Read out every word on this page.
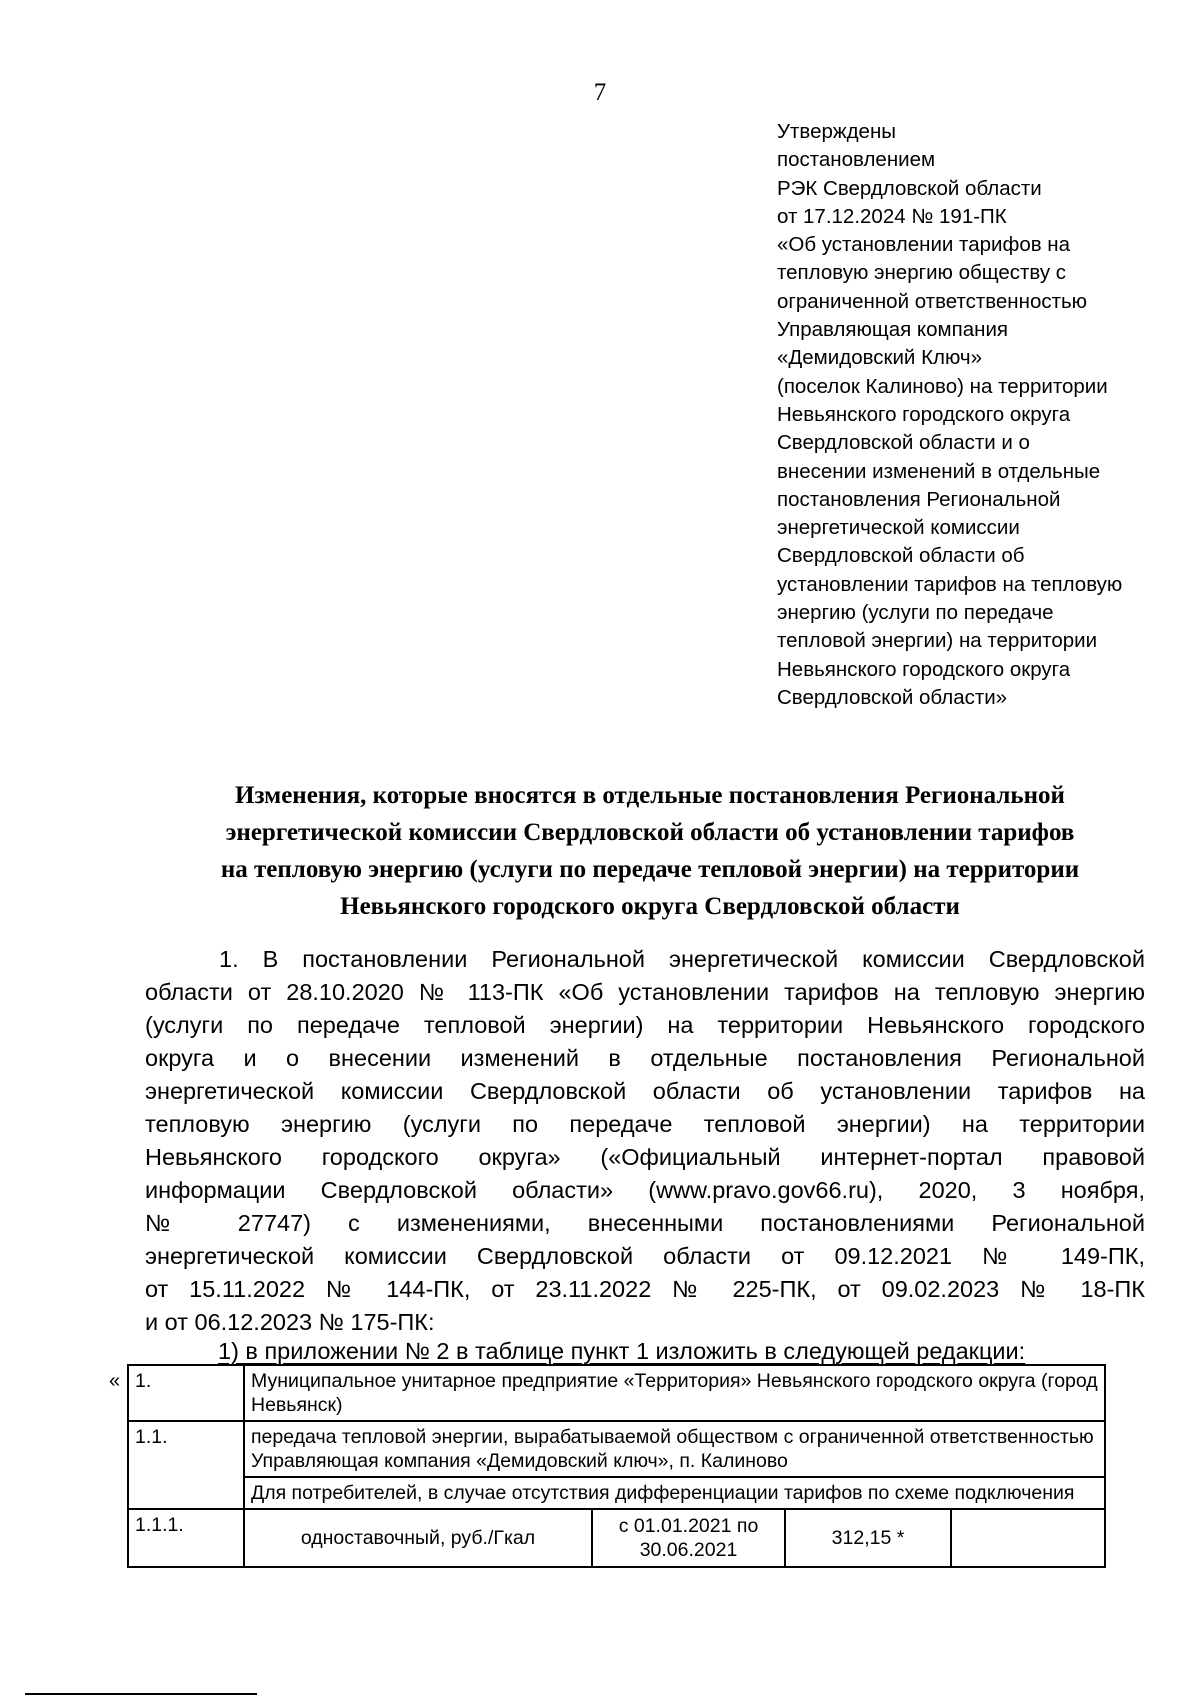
7
Утверждены
постановлением
РЭК Свердловской области
от 17.12.2024 № 191-ПК
«Об установлении тарифов на
тепловую энергию обществу с
ограниченной ответственностью
Управляющая компания
«Демидовский Ключ»
(поселок Калиново) на территории
Невьянского городского округа
Свердловской области и о
внесении изменений в отдельные
постановления Региональной
энергетической комиссии
Свердловской области об
установлении тарифов на тепловую
энергию (услуги по передаче
тепловой энергии) на территории
Невьянского городского округа
Свердловской области»
Изменения, которые вносятся в отдельные постановления Региональной
энергетической комиссии Свердловской области об установлении тарифов
на тепловую энергию (услуги по передаче тепловой энергии) на территории
Невьянского городского округа Свердловской области
1. В постановлении Региональной энергетической комиссии Свердловской
области от 28.10.2020 № 113-ПК «Об установлении тарифов на тепловую энергию
(услуги по передаче тепловой энергии) на территории Невьянского городского
округа и о внесении изменений в отдельные постановления Региональной
энергетической комиссии Свердловской области об установлении тарифов на
тепловую энергию (услуги по передаче тепловой энергии) на территории
Невьянского городского округа» («Официальный интернет-портал правовой
информации Свердловской области» (www.pravo.gov66.ru), 2020, 3 ноября,
№ 27747) с изменениями, внесенными постановлениями Региональной
энергетической комиссии Свердловской области от 09.12.2021 № 149-ПК,
от 15.11.2022 № 144-ПК, от 23.11.2022 № 225-ПК, от 09.02.2023 № 18-ПК
и от 06.12.2023 № 175-ПК:
1) в приложении № 2 в таблице пункт 1 изложить в следующей редакции:
« 1.	Муниципальное унитарное предприятие «Территория» Невьянского городского округа (город Невьянск)			
1.1.	передача тепловой энергии, вырабатываемой обществом с ограниченной ответственностью Управляющая компания «Демидовский ключ», п. Калиново			
	Для потребителей, в случае отсутствия дифференциации тарифов по схеме подключения			
1.1.1.	одноставочный, руб./Гкал	с 01.01.2021 по 30.06.2021	312,15 *	
